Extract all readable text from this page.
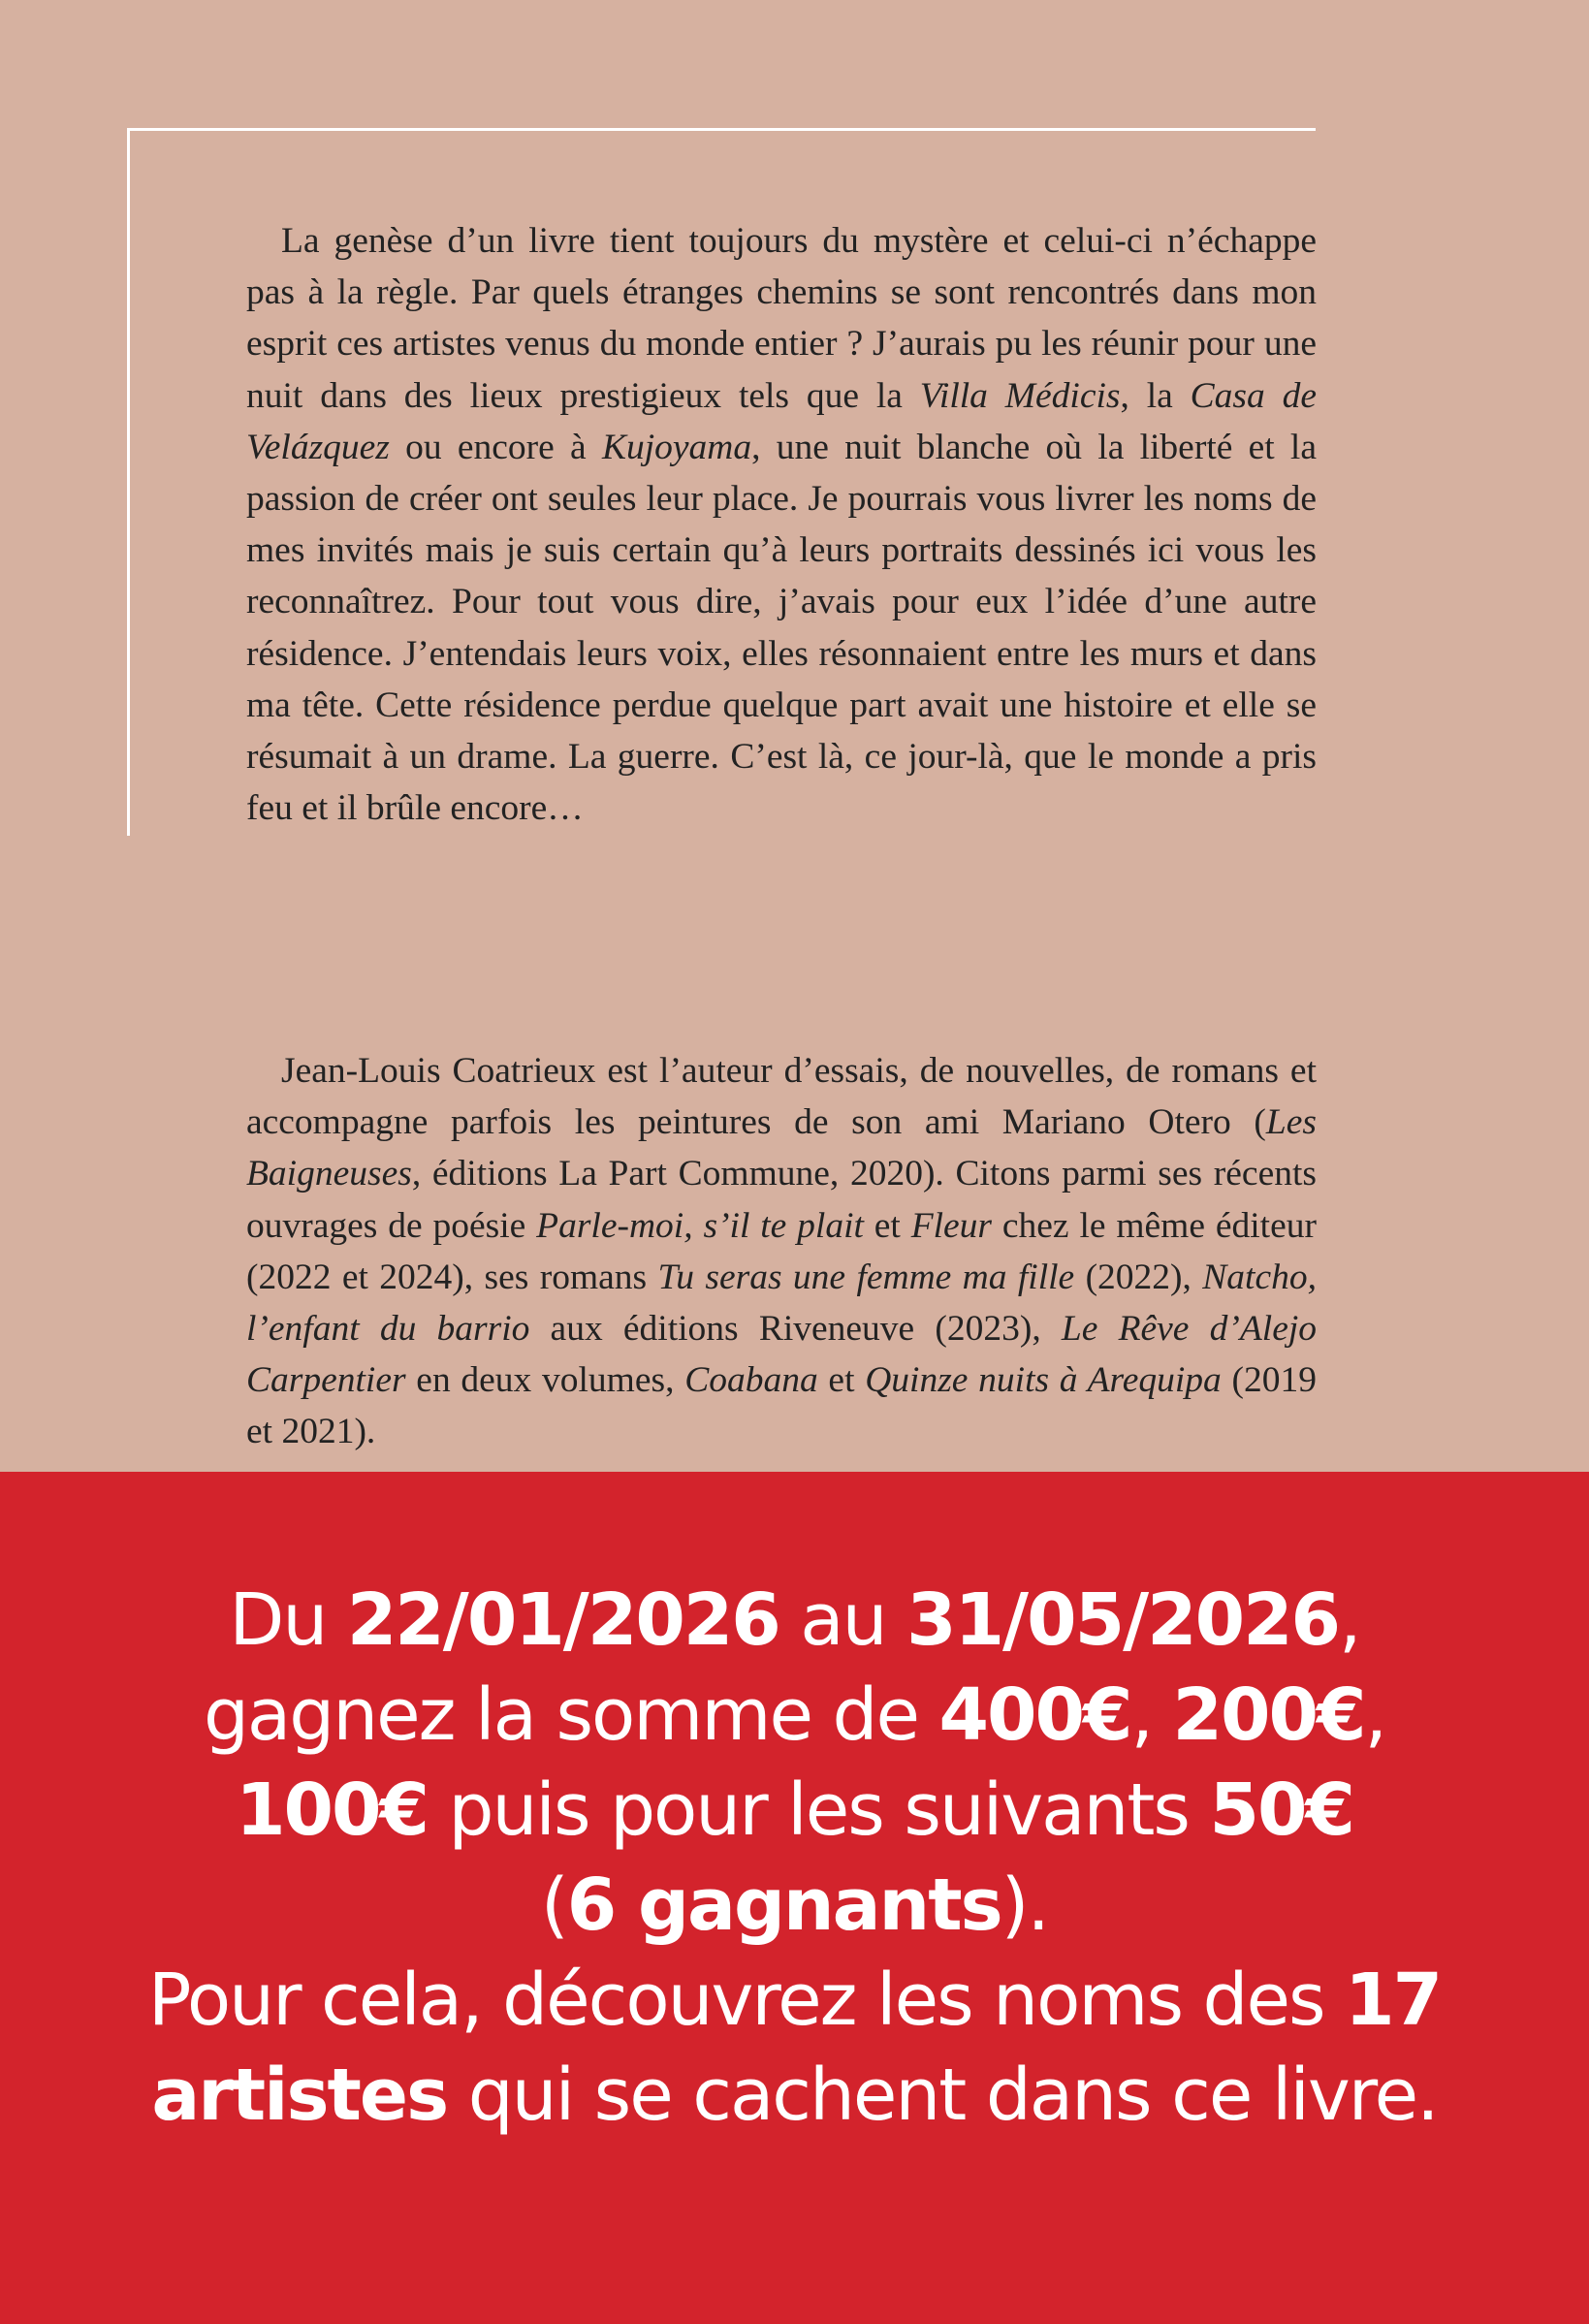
La genèse d’un livre tient toujours du mystère et celui-ci n’échappe pas à la règle. Par quels étranges chemins se sont rencontrés dans mon esprit ces artistes venus du monde entier ? J’aurais pu les réunir pour une nuit dans des lieux prestigieux tels que la Villa Médicis, la Casa de Velázquez ou encore à Kujoyama, une nuit blanche où la liberté et la passion de créer ont seules leur place. Je pourrais vous livrer les noms de mes invités mais je suis certain qu’à leurs portraits dessinés ici vous les reconnaîtrez. Pour tout vous dire, j’avais pour eux l’idée d’une autre résidence. J’entendais leurs voix, elles résonnaient entre les murs et dans ma tête. Cette résidence perdue quelque part avait une histoire et elle se résumait à un drame. La guerre. C’est là, ce jour-là, que le monde a pris feu et il brûle encore…

Jean-Louis Coatrieux est l’auteur d’essais, de nouvelles, de romans et accompagne parfois les peintures de son ami Mariano Otero (Les Baigneuses, éditions La Part Commune, 2020). Citons parmi ses récents ouvrages de poésie Parle-moi, s’il te plait et Fleur chez le même éditeur (2022 et 2024), ses romans Tu seras une femme ma fille (2022), Natcho, l’enfant du barrio aux éditions Riveneuve (2023), Le Rêve d’Alejo Carpentier en deux volumes, Coabana et Quinze nuits à Arequipa (2019 et 2021).

Du 22/01/2026 au 31/05/2026,
gagnez la somme de 400€, 200€,
100€ puis pour les suivants 50€
(6 gagnants).
Pour cela, découvrez les noms des 17
artistes qui se cachent dans ce livre.
